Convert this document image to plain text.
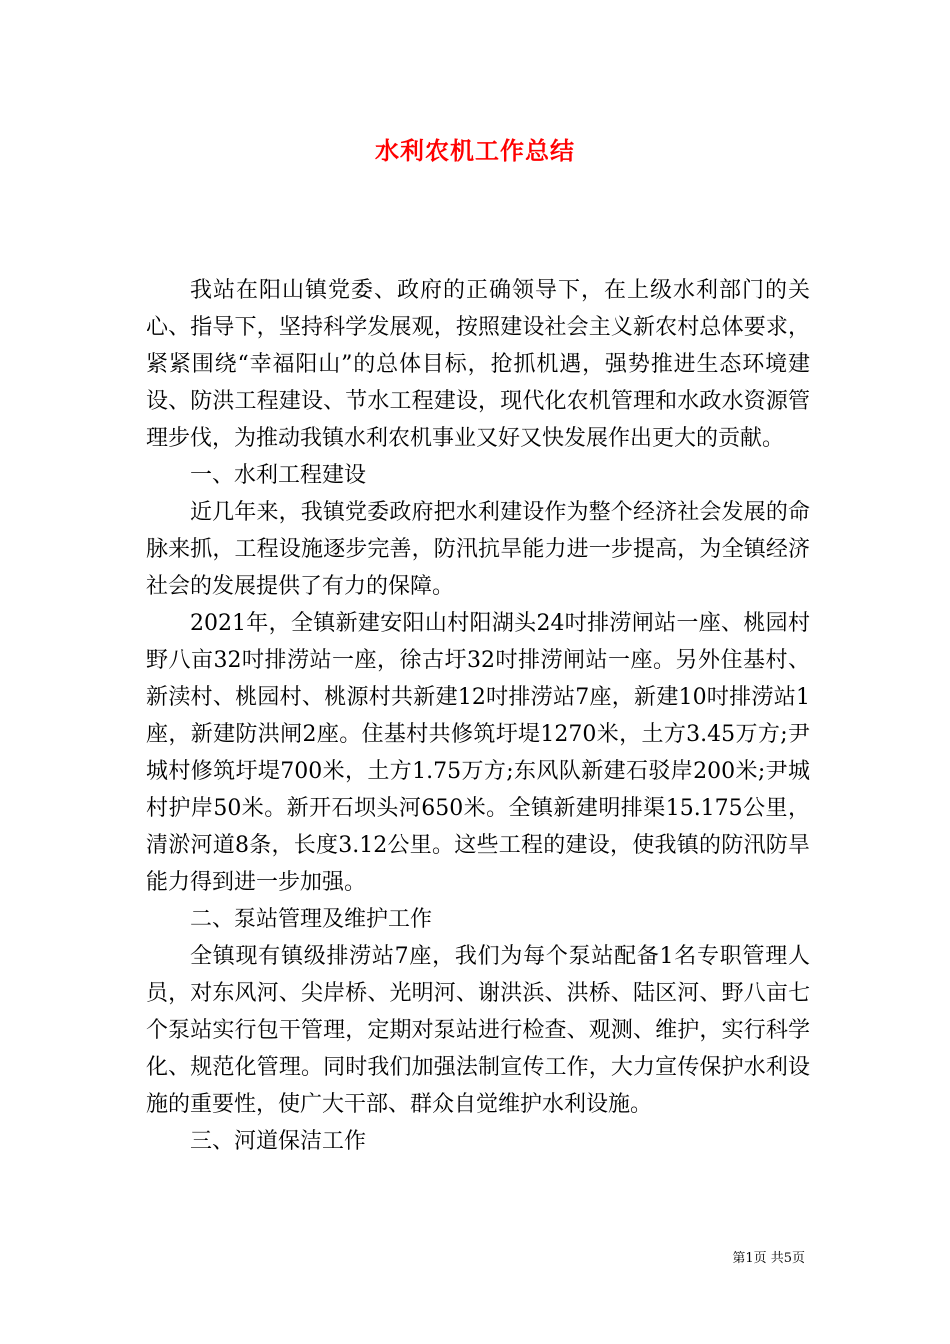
水利农机工作总结

我站在阳山镇党委、政府的正确领导下，在上级水利部门的关心、指导下，坚持科学发展观，按照建设社会主义新农村总体要求，紧紧围绕“幸福阳山”的总体目标，抢抓机遇，强势推进生态环境建设、防洪工程建设、节水工程建设，现代化农机管理和水政水资源管理步伐，为推动我镇水利农机事业又好又快发展作出更大的贡献。

一、水利工程建设

近几年来，我镇党委政府把水利建设作为整个经济社会发展的命脉来抓，工程设施逐步完善，防汛抗旱能力进一步提高，为全镇经济社会的发展提供了有力的保障。

2021年，全镇新建安阳山村阳湖头24吋排涝闸站一座、桃园村野八亩32吋排涝站一座，徐古圩32吋排涝闸站一座。另外住基村、新渎村、桃园村、桃源村共新建12吋排涝站7座，新建10吋排涝站1座，新建防洪闸2座。住基村共修筑圩堤1270米，土方3.45万方;尹城村修筑圩堤700米，土方1.75万方;东风队新建石驳岸200米;尹城村护岸50米。新开石坝头河650米。全镇新建明排渠15.175公里，清淤河道8条，长度3.12公里。这些工程的建设，使我镇的防汛防旱能力得到进一步加强。

二、泵站管理及维护工作

全镇现有镇级排涝站7座，我们为每个泵站配备1名专职管理人员，对东风河、尖岸桥、光明河、谢洪浜、洪桥、陆区河、野八亩七个泵站实行包干管理，定期对泵站进行检查、观测、维护，实行科学化、规范化管理。同时我们加强法制宣传工作，大力宣传保护水利设施的重要性，使广大干部、群众自觉维护水利设施。

三、河道保洁工作

第1页 共5页
